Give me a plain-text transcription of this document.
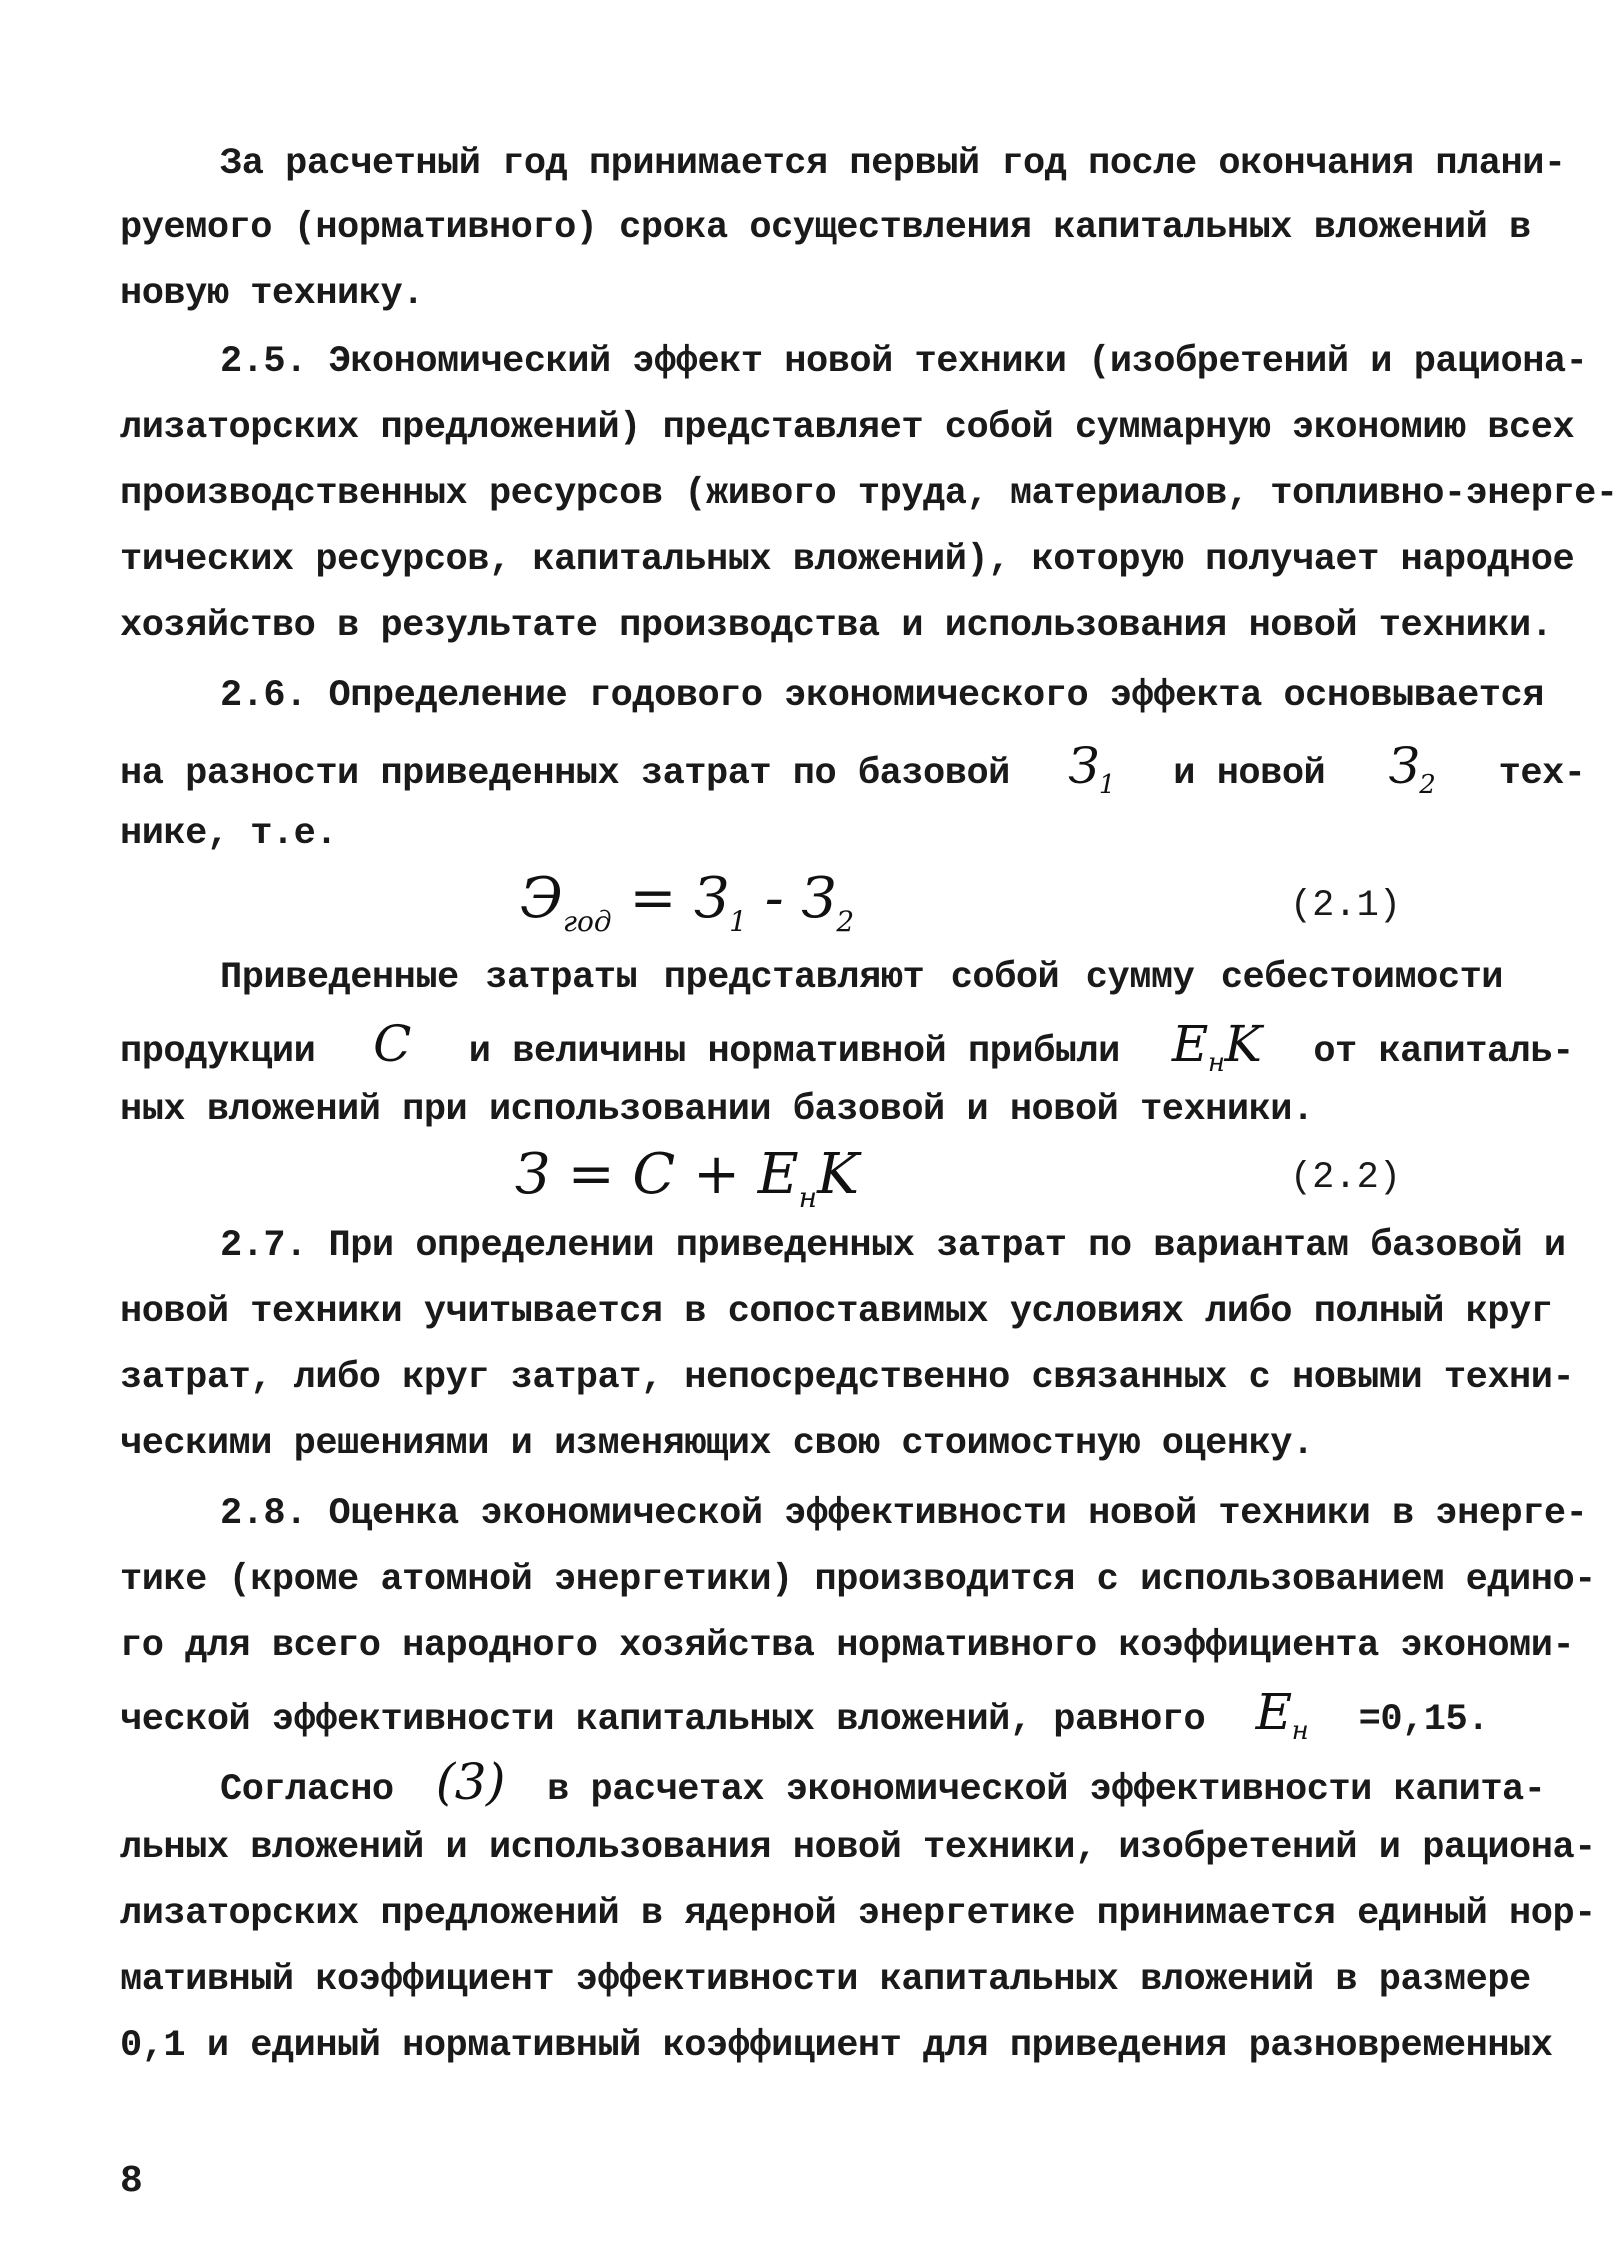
За расчетный год принимается первый год после окончания плани-
руемого (нормативного) срока осуществления капитальных вложений в
новую технику.
2.5. Экономический эффект новой техники (изобретений и рациона-
лизаторских предложений) представляет собой суммарную экономию всех
производственных ресурсов (живого труда, материалов, топливно-энерге-
тических ресурсов, капитальных вложений), которую получает народное
хозяйство в результате производства и использования новой техники.
2.6. Определение годового экономического эффекта основывается
на разности приведенных затрат по базовой $З_1$ и новой $З_2$ тех-
нике, т.е.
$Э_{год} = З_1 - З_2$	(2.1)
Приведенные затраты представляют собой сумму себестоимости
продукции С и величины нормативной прибыли $E_нK$ от капиталь-
ных вложений при использовании базовой и новой техники.
$З = С + E_нK$	(2.2)
2.7. При определении приведенных затрат по вариантам базовой и
новой техники учитывается в сопоставимых условиях либо полный круг
затрат, либо круг затрат, непосредственно связанных с новыми техни-
ческими решениями и изменяющих свою стоимостную оценку.
2.8. Оценка экономической эффективности новой техники в энерге-
тике (кроме атомной энергетики) производится с использованием едино-
го для всего народного хозяйства нормативного коэффициента экономи-
ческой эффективности капитальных вложений, равного $E_н =0,15$.
Согласно (3) в расчетах экономической эффективности капита-
льных вложений и использования новой техники, изобретений и рациона-
лизаторских предложений в ядерной энергетике принимается единый нор-
мативный коэффициент эффективности капитальных вложений в размере
0,1 и единый нормативный коэффициент для приведения разновременных
8
